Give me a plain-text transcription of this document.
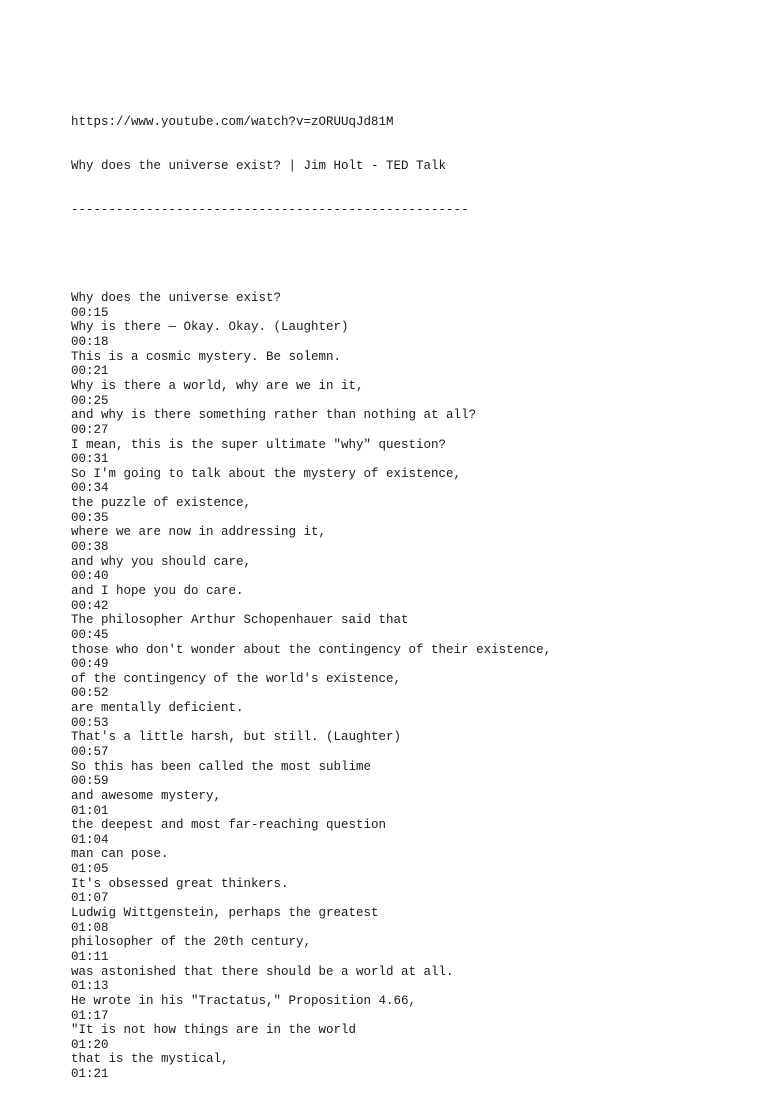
https://www.youtube.com/watch?v=zORUUqJd81M

Why does the universe exist? | Jim Holt - TED Talk

-----------------------------------------------------

Why does the universe exist?
00:15
Why is there — Okay. Okay. (Laughter)
00:18
This is a cosmic mystery. Be solemn.
00:21
Why is there a world, why are we in it,
00:25
and why is there something rather than nothing at all?
00:27
I mean, this is the super ultimate "why" question?
00:31
So I'm going to talk about the mystery of existence,
00:34
the puzzle of existence,
00:35
where we are now in addressing it,
00:38
and why you should care,
00:40
and I hope you do care.
00:42
The philosopher Arthur Schopenhauer said that
00:45
those who don't wonder about the contingency of their existence,
00:49
of the contingency of the world's existence,
00:52
are mentally deficient.
00:53
That's a little harsh, but still. (Laughter)
00:57
So this has been called the most sublime
00:59
and awesome mystery,
01:01
the deepest and most far-reaching question
01:04
man can pose.
01:05
It's obsessed great thinkers.
01:07
Ludwig Wittgenstein, perhaps the greatest
01:08
philosopher of the 20th century,
01:11
was astonished that there should be a world at all.
01:13
He wrote in his "Tractatus," Proposition 4.66,
01:17
"It is not how things are in the world
01:20
that is the mystical,
01:21
